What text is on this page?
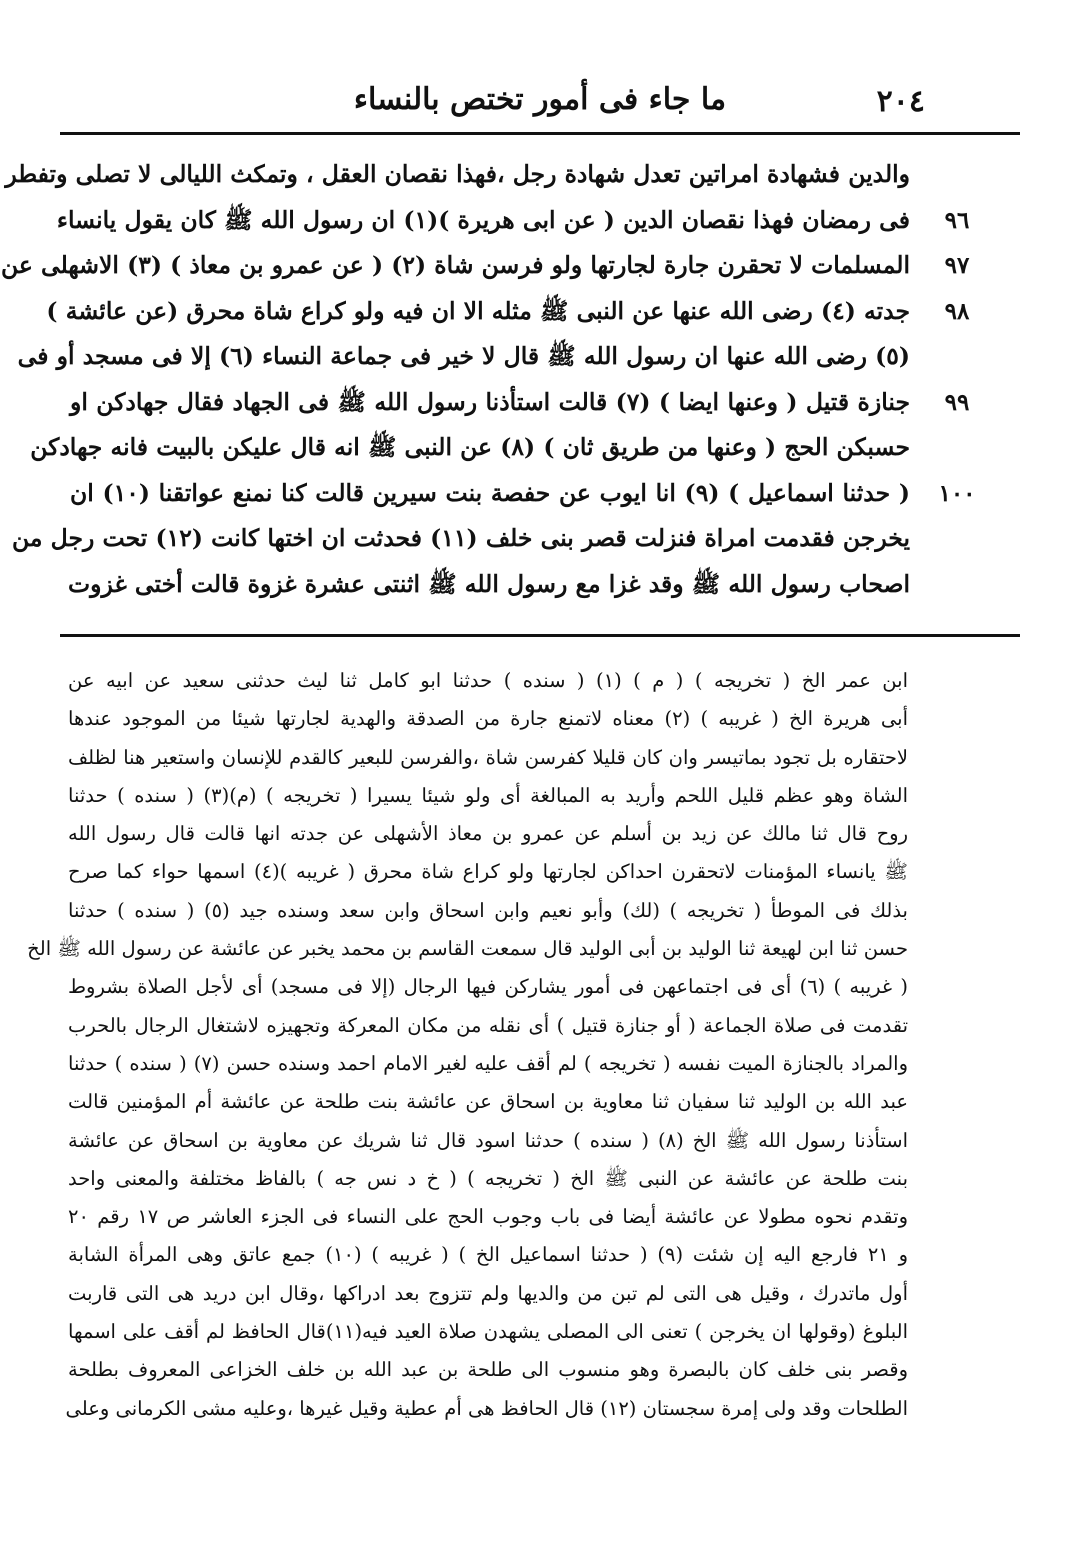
ما جاء فى أمور تختص بالنساء	٢٠٤
والدين فشهادة امراتين تعدل شهادة رجل ،فهذا نقصان العقل ، وتمكث الليالى لا تصلى وتفطر
فى رمضان فهذا نقصان الدين ( عن ابى هريرة )(١) ان رسول الله ﷺ كان يقول يانساء
المسلمات لا تحقرن جارة لجارتها ولو فرسن شاة (٢) ( عن عمرو بن معاذ ) (٣) الاشهلى عن
جدته (٤) رضى الله عنها عن النبى ﷺ مثله الا ان فيه ولو كراع شاة محرق (عن عائشة )
(٥) رضى الله عنها ان رسول الله ﷺ قال لا خير فى جماعة النساء (٦) إلا فى مسجد أو فى
جنازة قتيل ( وعنها ايضا ) (٧) قالت استأذنا رسول الله ﷺ فى الجهاد فقال جهادكن او
حسبكن الحج ( وعنها من طريق ثان ) (٨) عن النبى ﷺ انه قال عليكن بالبيت فانه جهادكن
( حدثنا اسماعيل ) (٩) انا ايوب عن حفصة بنت سيرين قالت كنا نمنع عواتقنا (١٠) ان
يخرجن فقدمت امراة فنزلت قصر بنى خلف (١١) فحدثت ان اختها كانت (١٢) تحت رجل من
اصحاب رسول الله ﷺ وقد غزا مع رسول الله ﷺ اثنتى عشرة غزوة قالت أختى غزوت
٩٦
٩٧
٩٨
٩٩
١٠٠
ابن عمر الخ ( تخريجه ) ( م ) (١) ( سنده ) حدثنا ابو كامل ثنا ليث حدثنى سعيد عن ابيه عن
أبى هريرة الخ ( غريبه ) (٢) معناه لاتمنع جارة من الصدقة والهدية لجارتها شيئا من الموجود عندها
لاحتقاره بل تجود بماتيسر وان كان قليلا كفرسن شاة ،والفرسن للبعير كالقدم للإنسان واستعير هنا لظلف
الشاة وهو عظم قليل اللحم وأريد به المبالغة أى ولو شيئا يسيرا ( تخريجه ) (م)(٣) ( سنده ) حدثنا
روح قال ثنا مالك عن زيد بن أسلم عن عمرو بن معاذ الأشهلى عن جدته انها قالت قال رسول الله
ﷺ يانساء المؤمنات لاتحقرن احداكن لجارتها ولو كراع شاة محرق ( غريبه )(٤) اسمها حواء كما صرح
بذلك فى الموطأ ( تخريجه ) (لك) وأبو نعيم وابن اسحاق وابن سعد وسنده جيد (٥) ( سنده ) حدثنا
حسن ثنا ابن لهيعة ثنا الوليد بن أبى الوليد قال سمعت القاسم بن محمد يخبر عن عائشة عن رسول الله ﷺ الخ
( غريبه ) (٦) أى فى اجتماعهن فى أمور يشاركن فيها الرجال (إلا فى مسجد) أى لأجل الصلاة بشروط
تقدمت فى صلاة الجماعة ( أو جنازة قتيل ) أى نقله من مكان المعركة وتجهيزه لاشتغال الرجال بالحرب
والمراد بالجنازة الميت نفسه ( تخريجه ) لم أقف عليه لغير الامام احمد وسنده حسن (٧) ( سنده ) حدثنا
عبد الله بن الوليد ثنا سفيان ثنا معاوية بن اسحاق عن عائشة بنت طلحة عن عائشة أم المؤمنين قالت
استأذنا رسول الله ﷺ الخ (٨) ( سنده ) حدثنا اسود قال ثنا شريك عن معاوية بن اسحاق عن عائشة
بنت طلحة عن عائشة عن النبى ﷺ الخ ( تخريجه ) ( خ د نس جه ) بالفاظ مختلفة والمعنى واحد
وتقدم نحوه مطولا عن عائشة أيضا فى باب وجوب الحج على النساء فى الجزء العاشر ص ١٧ رقم ٢٠
و ٢١ فارجع اليه إن شئت (٩) ( حدثنا اسماعيل الخ ) ( غريبه ) (١٠) جمع عاتق وهى المرأة الشابة
أول ماتدرك ، وقيل هى التى لم تبن من والديها ولم تتزوج بعد ادراكها ،وقال ابن دريد هى التى قاربت
البلوغ (وقولها ان يخرجن ) تعنى الى المصلى يشهدن صلاة العيد فيه(١١)قال الحافظ لم أقف على اسمها
وقصر بنى خلف كان بالبصرة وهو منسوب الى طلحة بن عبد الله بن خلف الخزاعى المعروف بطلحة
الطلحات وقد ولى إمرة سجستان (١٢) قال الحافظ هى أم عطية وقيل غيرها ،وعليه مشى الكرمانى وعلى
